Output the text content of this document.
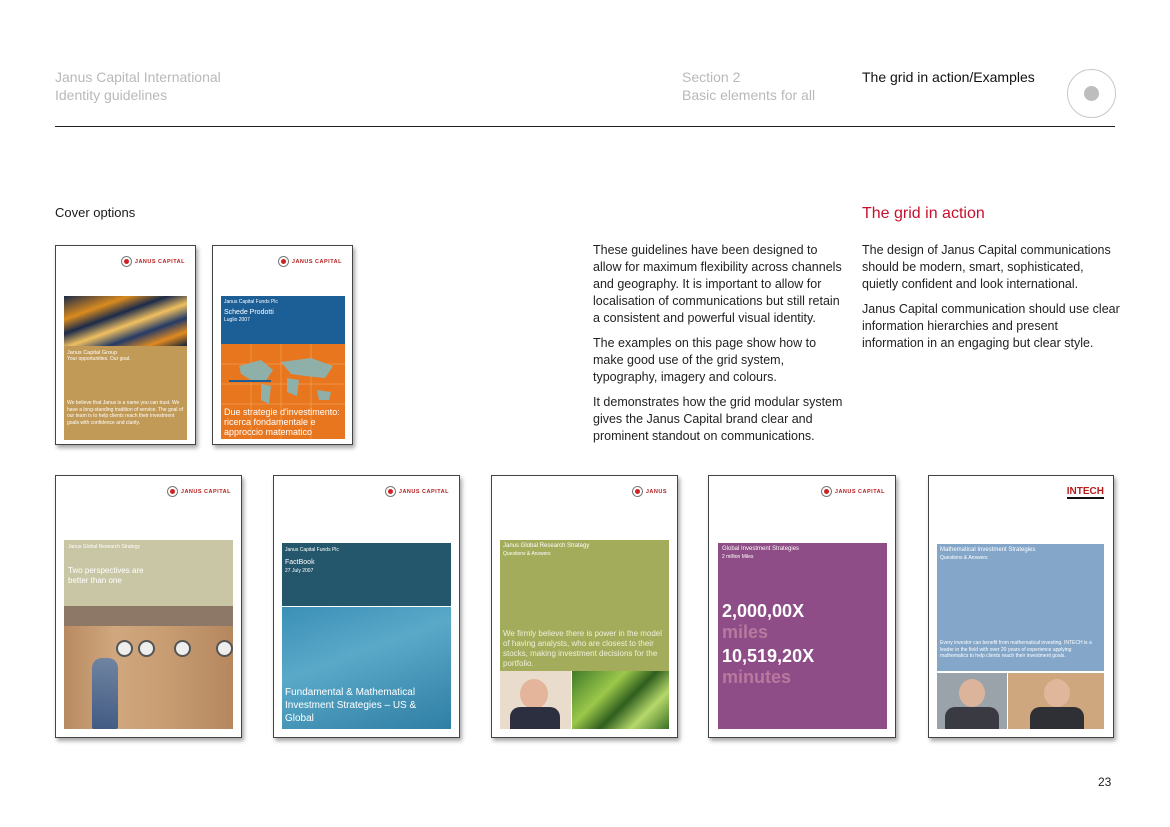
Janus Capital International
Identity guidelines
Section 2
Basic elements for all
The grid in action/Examples
Cover options

These guidelines have been designed to allow for maximum flexibility across channels and geography. It is important to allow for localisation of communications but still retain a consistent and powerful visual identity.

The examples on this page show how to make good use of the grid system, typography, imagery and colours.

It demonstrates how the grid modular system gives the Janus Capital brand clear and prominent standout on communications.

The grid in action

The design of Janus Capital communications should be modern, smart, sophisticated, quietly confident and look international.

Janus Capital communication should use clear information hierarchies and present information in an engaging but clear style.

JANUS CAPITAL
Janus Capital Group
Your opportunities. Our goal.
We believe that Janus is a name you can trust. We have a long-standing tradition of service. The goal of our team is to help clients reach their investment goals with confidence and clarity.
JANUS CAPITAL
Janus Capital Funds Plc
Schede Prodotti
Luglio 2007
Due strategie d'investimento: ricerca fondamentale e approccio matematico
JANUS CAPITAL
Janus Global Research Strategy
Two perspectives are better than one
JANUS CAPITAL
Janus Capital Funds Plc
FactBook
27 July 2007
Fundamental & Mathematical Investment Strategies – US & Global
JANUS
Janus Global Research Strategy
Questions & Answers
We firmly believe there is power in the model of having analysts, who are closest to their stocks, making investment decisions for the portfolio.
JANUS CAPITAL
Global Investment Strategies
2 million Miles
2,000,00X
miles
10,519,20X
minutes
INTECH
Mathematical Investment Strategies
Questions & Answers
Every investor can benefit from mathematical investing. INTECH is a leader in the field with over 20 years of experience applying mathematics to help clients reach their investment goals.
23
